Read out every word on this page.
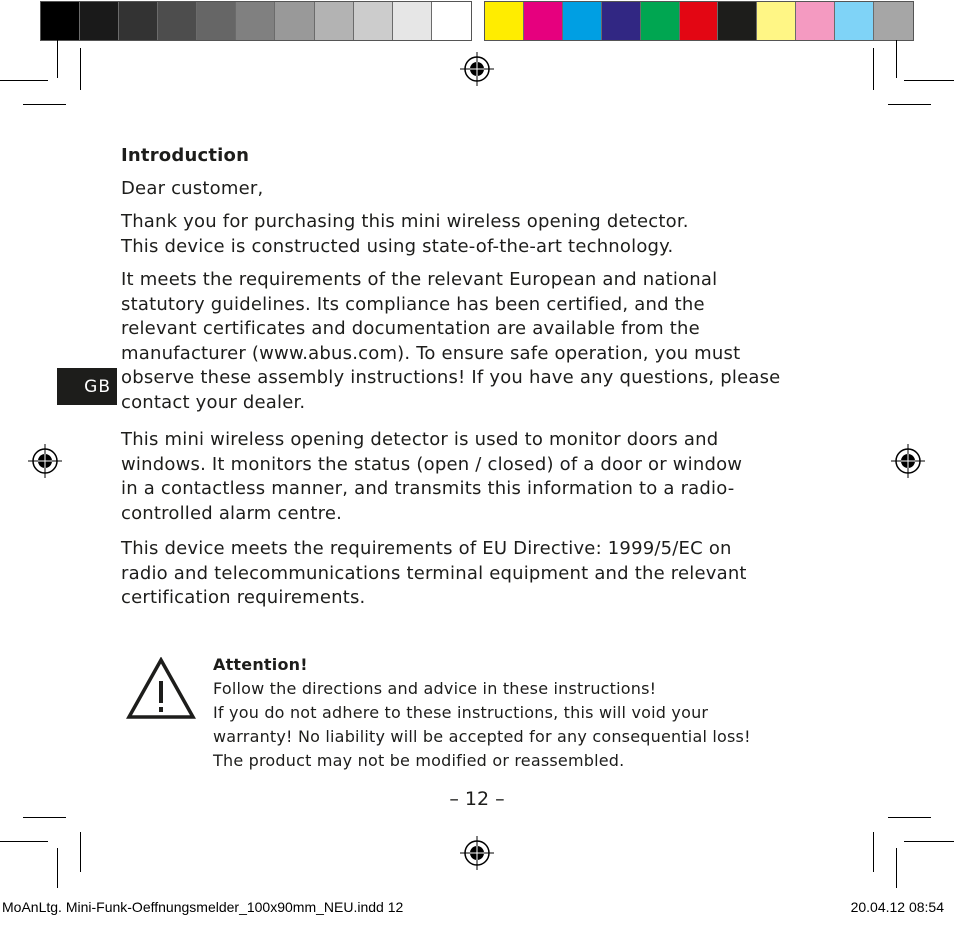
GB

Introduction

Dear customer,

Thank you for purchasing this mini wireless opening detector.

This device is constructed using state-of-the-art technology.

It meets the requirements of the relevant European and national

statutory guidelines. Its compliance has been certified, and the

relevant certificates and documentation are available from the

manufacturer (www.abus.com). To ensure safe operation, you must

observe these assembly instructions! If you have any questions, please

contact your dealer.

This mini wireless opening detector is used to monitor doors and

windows. It monitors the status (open / closed) of a door or window

in a contactless manner, and transmits this information to a radio-

controlled alarm centre.

This device meets the requirements of EU Directive: 1999/5/EC on

radio and telecommunications terminal equipment and the relevant

certification requirements.

Attention!

Follow the directions and advice in these instructions!

If you do not adhere to these instructions, this will void your

warranty! No liability will be accepted for any consequential loss!

The product may not be modified or reassembled.

– 12 –
MoAnLtg. Mini-Funk-Oeffnungsmelder_100x90mm_NEU.indd 12	20.04.12 08:54
